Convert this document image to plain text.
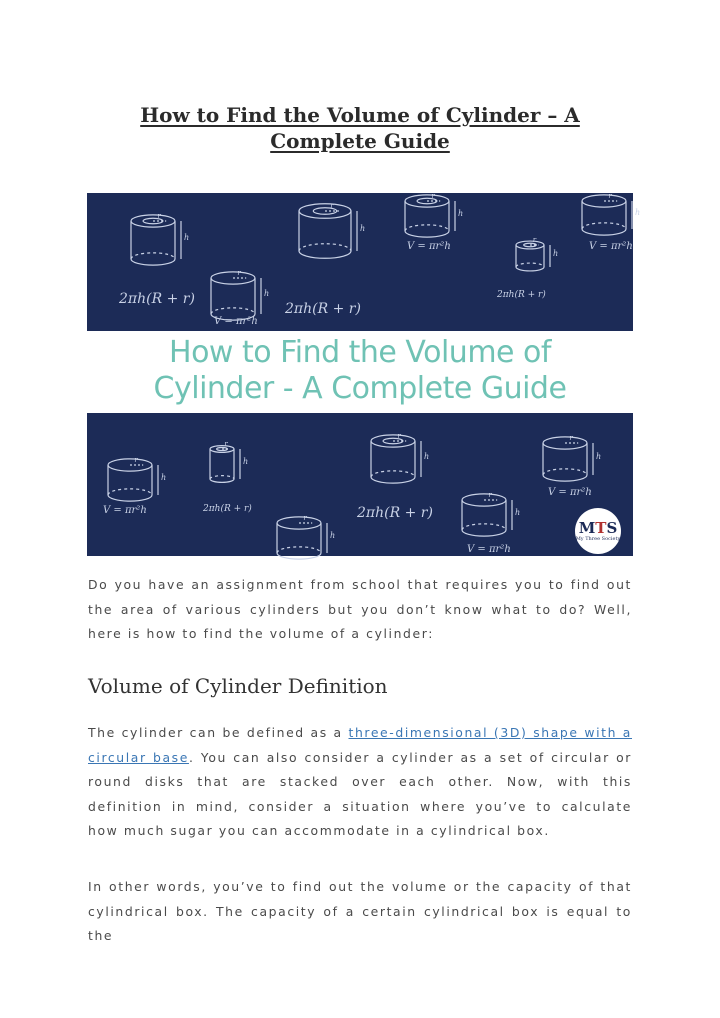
How to Find the Volume of Cylinder – A Complete Guide
h
r
h
r
h
r
h
r
h
r
h
r
h
r	h
r
h
r
h
r
h
r
h
r
2πh(R + r)
2πh(R + r)
2πh(R + r)
V = πr²h	V = πr²h
V = πr²h
V = πr²h	2πh(R + r)	2πh(R + r)
V = πr²h
V = πr²h
How to Find the Volume of
Cylinder - A Complete Guide
MTS
My Three Society

Do you have an assignment from school that requires you to find out the area of various cylinders but you don’t know what to do? Well, here is how to find the volume of a cylinder:

Volume of Cylinder Definition

The cylinder can be defined as a three-dimensional (3D) shape with a circular base. You can also consider a cylinder as a set of circular or round disks that are stacked over each other. Now, with this definition in mind, consider a situation where you’ve to calculate how much sugar you can accommodate in a cylindrical box.

In other words, you’ve to find out the volume or the capacity of that cylindrical box. The capacity of a certain cylindrical box is equal to the
